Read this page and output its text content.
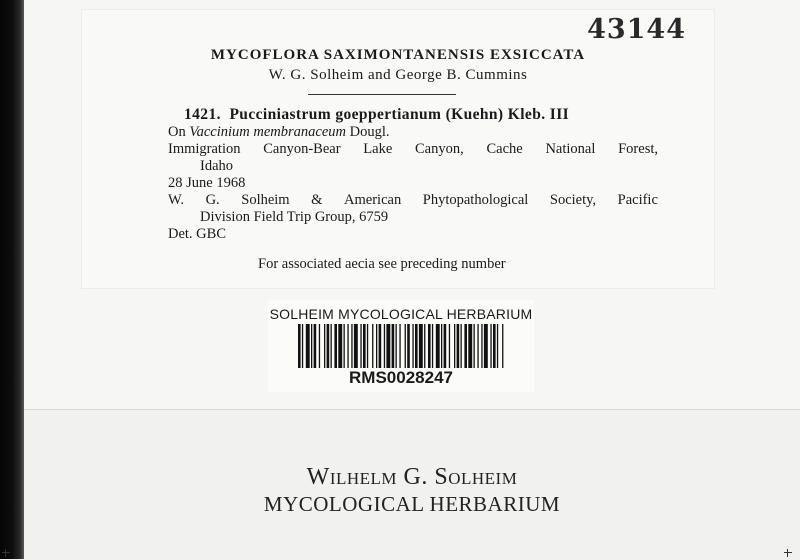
43144
MYCOFLORA SAXIMONTANENSIS EXSICCATA
W. G. Solheim and George B. Cummins
1421. Pucciniastrum goeppertianum (Kuehn) Kleb. III
On Vaccinium membranaceum Dougl.
Immigration Canyon-Bear Lake Canyon, Cache National Forest,
Idaho
28 June 1968
W. G. Solheim & American Phytopathological Society, Pacific
Division Field Trip Group, 6759
Det. GBC
For associated aecia see preceding number
SOLHEIM MYCOLOGICAL HERBARIUM
RMS0028247
Wilhelm G. Solheim
MYCOLOGICAL HERBARIUM
